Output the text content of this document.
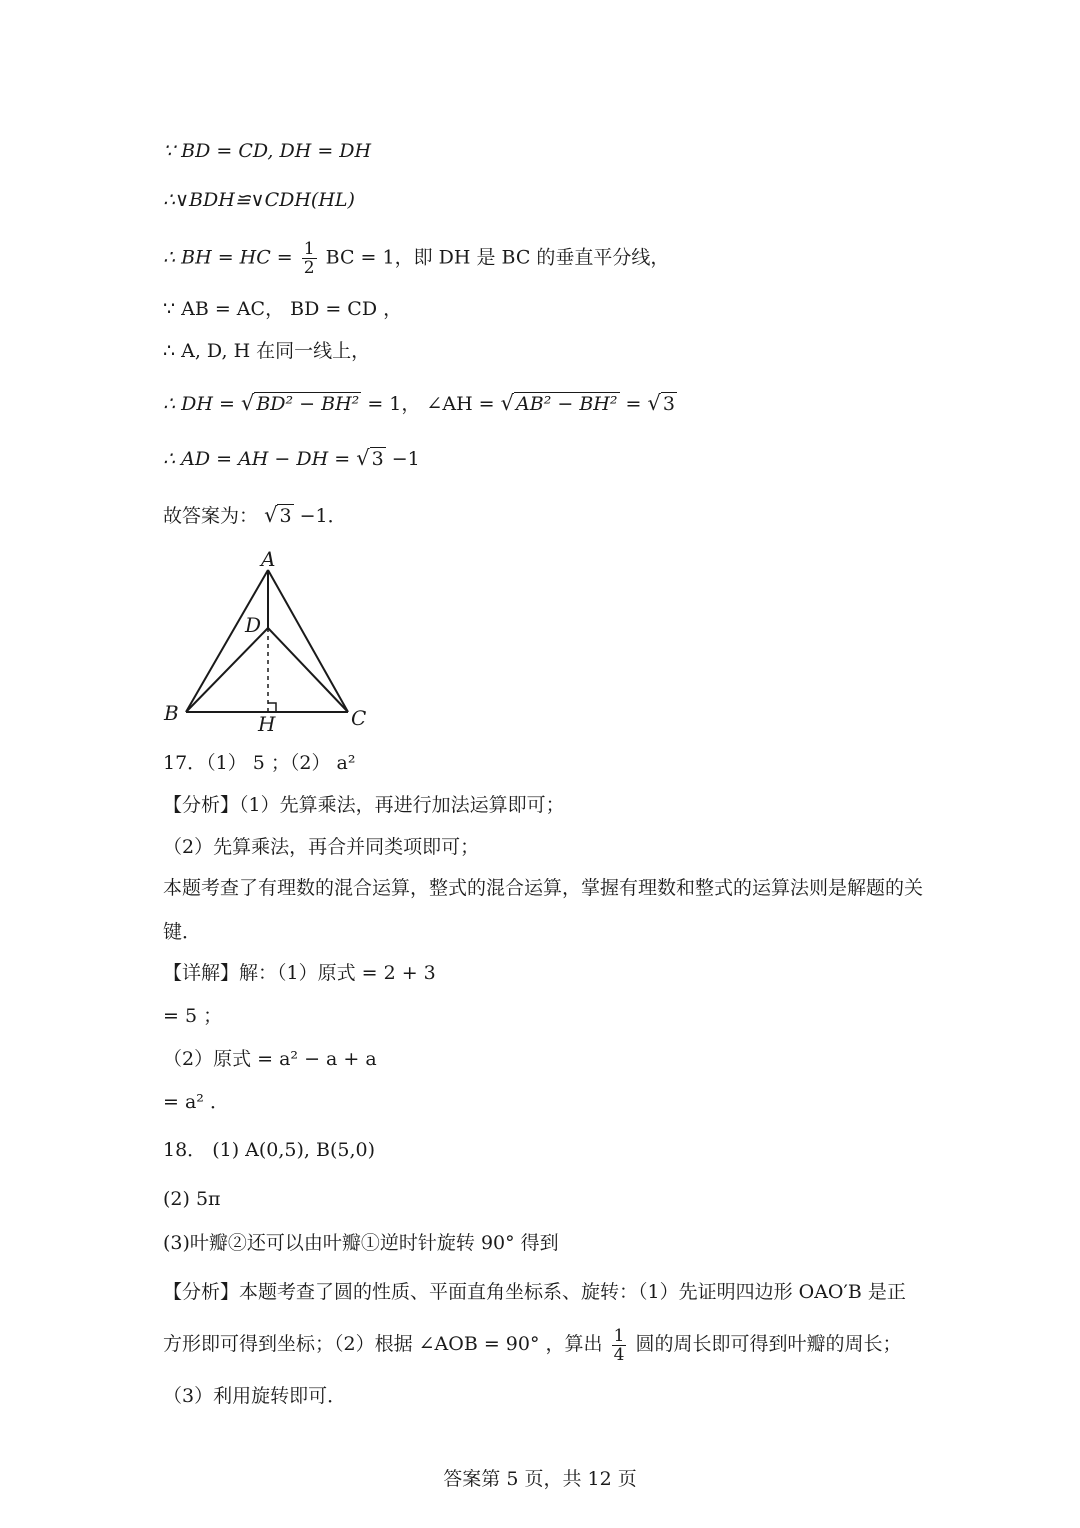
∵ BD = CD, DH = DH
∴∨BDH≌∨CDH(HL)
∴ BH = HC = $\frac{1}{2}$ BC = 1，即 DH 是 BC 的垂直平分线，
∵ AB = AC， BD = CD ，
∴ A, D, H 在同一线上，
∴ DH = √ BD² − BH² = 1， ∠AH = √ AB² − BH² = √ 3
∴ AD = AH − DH = √ 3 −1
故答案为： √ 3 −1．
A
D
B	C
H
17．（1） 5 ；（2） a²
【分析】（1）先算乘法，再进行加法运算即可；
（2）先算乘法，再合并同类项即可；
本题考查了有理数的混合运算，整式的混合运算，掌握有理数和整式的运算法则是解题的关键．
【详解】解：（1）原式 = 2 + 3
= 5 ；
（2）原式 = a² − a + a
= a² ．
18． (1) A(0,5), B(5,0)
(2) 5π
(3)叶瓣②还可以由叶瓣①逆时针旋转 90° 得到
【分析】本题考查了圆的性质、平面直角坐标系、旋转：（1）先证明四边形 OAO′B 是正方形即可得到坐标；（2）根据 ∠AOB = 90° ，算出 $\frac{1}{4}$ 圆的周长即可得到叶瓣的周长；（3）利用旋转即可．
答案第 5 页，共 12 页
